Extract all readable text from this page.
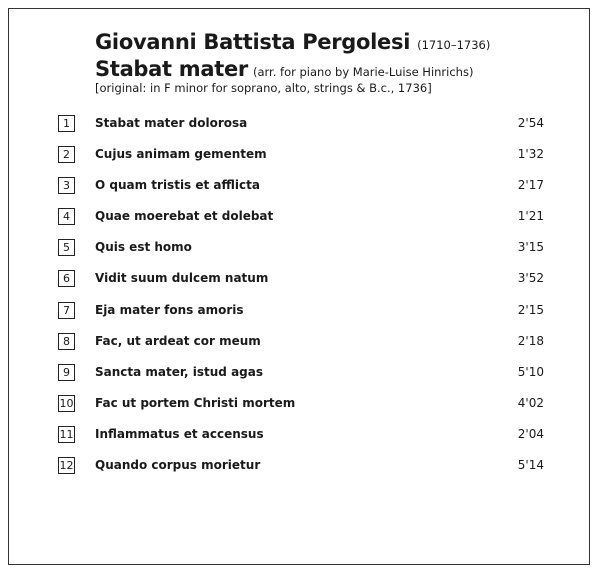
Giovanni Battista Pergolesi (1710–1736)
Stabat mater (arr. for piano by Marie-Luise Hinrichs)
[original: in F minor for soprano, alto, strings & B.c., 1736]
1	Stabat mater dolorosa	2'54
2	Cujus animam gementem	1'32
3	O quam tristis et afflicta	2'17
4	Quae moerebat et dolebat	1'21
5	Quis est homo	3'15
6	Vidit suum dulcem natum	3'52
7	Eja mater fons amoris	2'15
8	Fac, ut ardeat cor meum	2'18
9	Sancta mater, istud agas	5'10
10 Fac ut portem Christi mortem	4'02
11 Inflammatus et accensus	2'04
12 Quando corpus morietur	5'14
